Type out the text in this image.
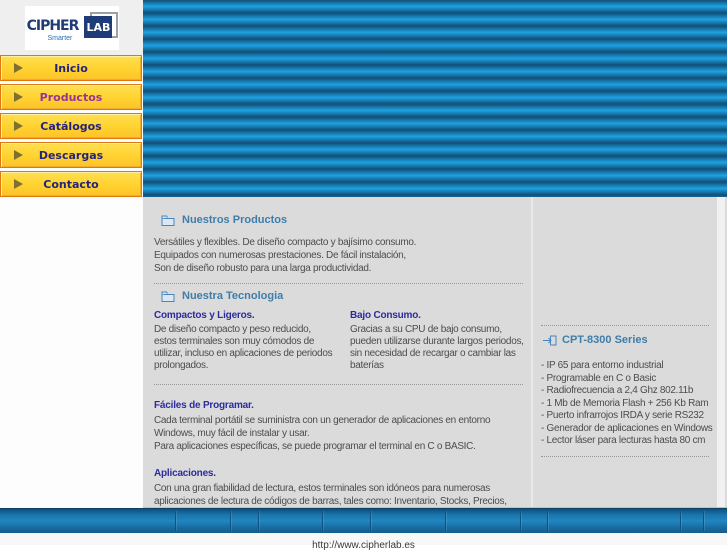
CIPHER
Smarter
LAB
Inicio
Productos
Catálogos
Descargas
Contacto
Nuestros Productos
Versátiles y flexibles. De diseño compacto y bajísimo consumo.
Equipados con numerosas prestaciones. De fácil instalación,
Son de diseño robusto para una larga productividad.
Nuestra Tecnologia
Compactos y Ligeros.
De diseño compacto y peso reducido, estos terminales son muy cómodos de utilizar, incluso en aplicaciones de periodos prolongados.
Bajo Consumo.
Gracias a su CPU de bajo consumo, pueden utilizarse durante largos periodos, sin necesidad de recargar o cambiar las baterías
Fáciles de Programar.
Cada terminal portátil se suministra con un generador de aplicaciones en entorno
Windows, muy fácil de instalar y usar.
Para aplicaciones específicas, se puede programar el terminal en C o BASIC.
Aplicaciones.
Con una gran fiabilidad de lectura, estos terminales son idóneos para numerosas
aplicaciones de lectura de códigos de barras, tales como: Inventario, Stocks, Precios,
CPT-8300 Series
- IP 65 para entorno industrial
- Programable en C o Basic
- Radiofrecuencia a 2,4 Ghz 802.11b
- 1 Mb de Memoria Flash + 256 Kb Ram
- Puerto infrarrojos IRDA y serie RS232
- Generador de aplicaciones en Windows
- Lector láser para lecturas hasta 80 cm
http://www.cipherlab.es
